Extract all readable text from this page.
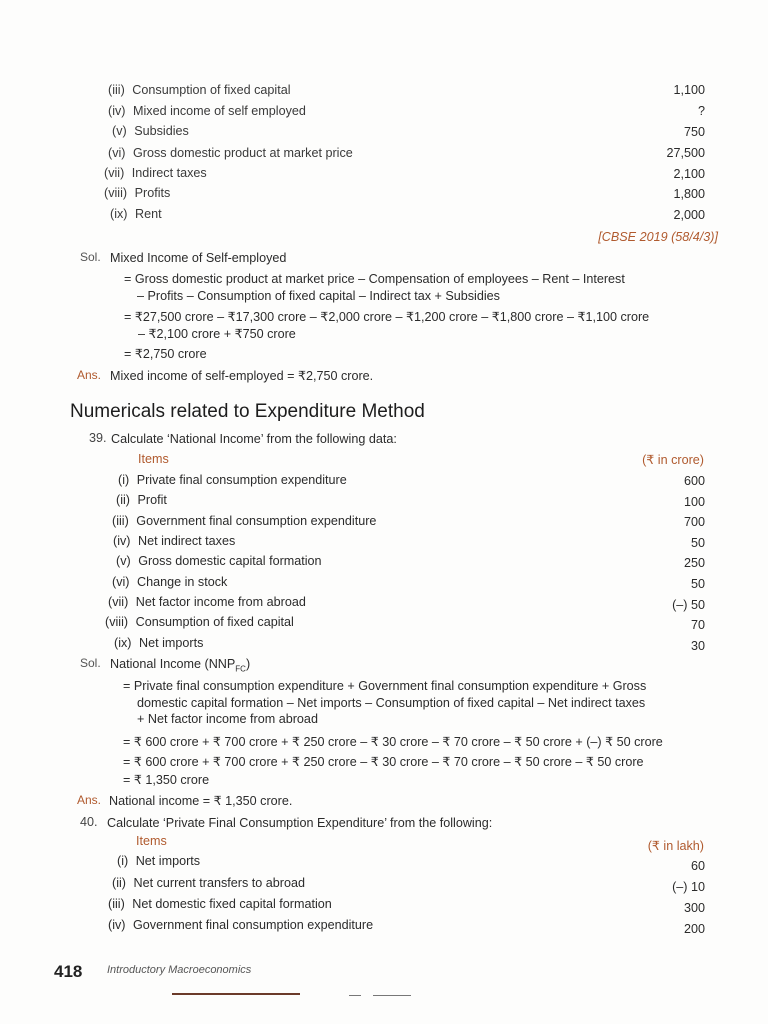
(iii) Consumption of fixed capital	1,100
(iv) Mixed income of self employed	?
(v) Subsidies	750
(vi) Gross domestic product at market price	27,500
(vii) Indirect taxes	2,100
(viii) Profits	1,800
(ix) Rent	2,000
[CBSE 2019 (58/4/3)]
Sol. Mixed Income of Self-employed
= Gross domestic product at market price – Compensation of employees – Rent – Interest
– Profits – Consumption of fixed capital – Indirect tax + Subsidies
= ₹27,500 crore – ₹17,300 crore – ₹2,000 crore – ₹1,200 crore – ₹1,800 crore – ₹1,100 crore
– ₹2,100 crore + ₹750 crore
= ₹2,750 crore
Ans. Mixed income of self-employed = ₹2,750 crore.
Numericals related to Expenditure Method
39. Calculate ‘National Income’ from the following data:
Items	(₹ in crore)
(i) Private final consumption expenditure	600
(ii) Profit	100
(iii) Government final consumption expenditure	700
(iv) Net indirect taxes	50
(v) Gross domestic capital formation	250
(vi) Change in stock	50
(vii) Net factor income from abroad	(–) 50
(viii) Consumption of fixed capital	70
(ix) Net imports	30
Sol. National Income $(NNP_{FC})$
= Private final consumption expenditure + Government final consumption expenditure + Gross
domestic capital formation – Net imports – Consumption of fixed capital – Net indirect taxes
+ Net factor income from abroad
= ₹ 600 crore + ₹ 700 crore + ₹ 250 crore – ₹ 30 crore – ₹ 70 crore – ₹ 50 crore + (–) ₹ 50 crore
= ₹ 600 crore + ₹ 700 crore + ₹ 250 crore – ₹ 30 crore – ₹ 70 crore – ₹ 50 crore – ₹ 50 crore
= ₹ 1,350 crore
Ans. National income = ₹ 1,350 crore.
40. Calculate ‘Private Final Consumption Expenditure’ from the following:
Items	(₹ in lakh)
(i) Net imports	60
(ii) Net current transfers to abroad	(–) 10
(iii) Net domestic fixed capital formation	300
(iv) Government final consumption expenditure	200
418 Introductory Macroeconomics
